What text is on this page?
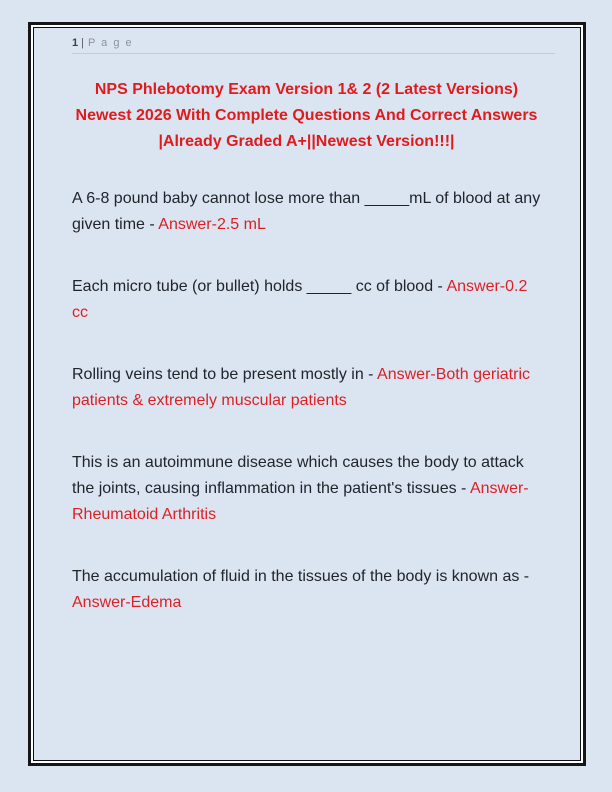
1 | P a g e

NPS Phlebotomy Exam Version 1& 2 (2 Latest Versions) Newest 2026 With Complete Questions And Correct Answers |Already Graded A+||Newest Version!!!|

A 6-8 pound baby cannot lose more than _____mL of blood at any given time - Answer-2.5 mL

Each micro tube (or bullet) holds _____ cc of blood - Answer-0.2 cc

Rolling veins tend to be present mostly in - Answer-Both geriatric patients & extremely muscular patients

This is an autoimmune disease which causes the body to attack the joints, causing inflammation in the patient's tissues - Answer-Rheumatoid Arthritis

The accumulation of fluid in the tissues of the body is known as - Answer-Edema
